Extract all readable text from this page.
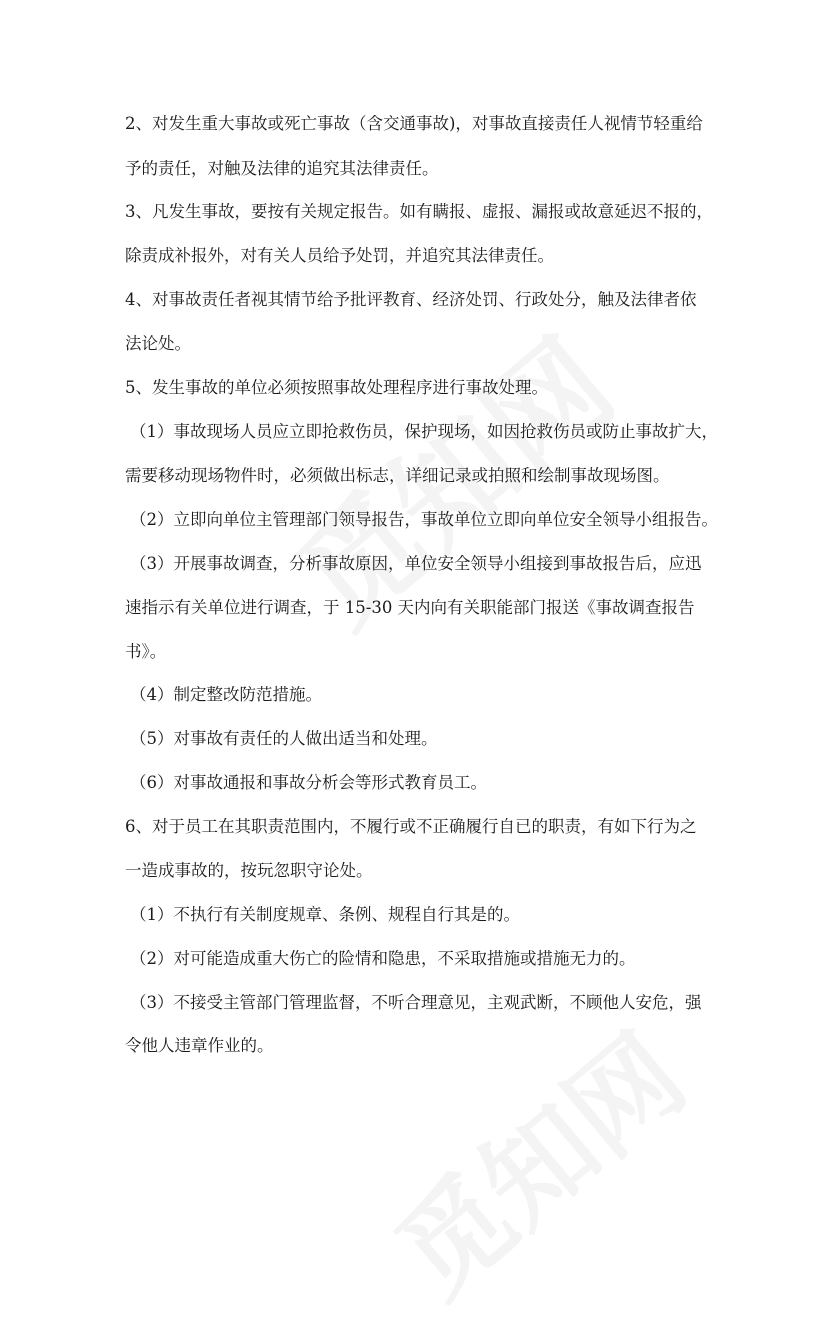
2、对发生重大事故或死亡事故（含交通事故)，对事故直接责任人视情节轻重给
予的责任，对触及法律的追究其法律责任。
3、凡发生事故，要按有关规定报告。如有瞒报、虚报、漏报或故意延迟不报的，
除责成补报外，对有关人员给予处罚，并追究其法律责任。
4、对事故责任者视其情节给予批评教育、经济处罚、行政处分，触及法律者依
法论处。
5、发生事故的单位必须按照事故处理程序进行事故处理。
（1）事故现场人员应立即抢救伤员，保护现场，如因抢救伤员或防止事故扩大，
需要移动现场物件时，必须做出标志，详细记录或拍照和绘制事故现场图。
（2）立即向单位主管理部门领导报告，事故单位立即向单位安全领导小组报告。
（3）开展事故调查，分析事故原因，单位安全领导小组接到事故报告后，应迅
速指示有关单位进行调查，于 15-30 天内向有关职能部门报送《事故调查报告
书》。
（4）制定整改防范措施。
（5）对事故有责任的人做出适当和处理。
（6）对事故通报和事故分析会等形式教育员工。
6、对于员工在其职责范围内，不履行或不正确履行自已的职责，有如下行为之
一造成事故的，按玩忽职守论处。
（1）不执行有关制度规章、条例、规程自行其是的。
（2）对可能造成重大伤亡的险情和隐患，不采取措施或措施无力的。
（3）不接受主管部门管理监督，不听合理意见，主观武断，不顾他人安危，强
令他人违章作业的。
